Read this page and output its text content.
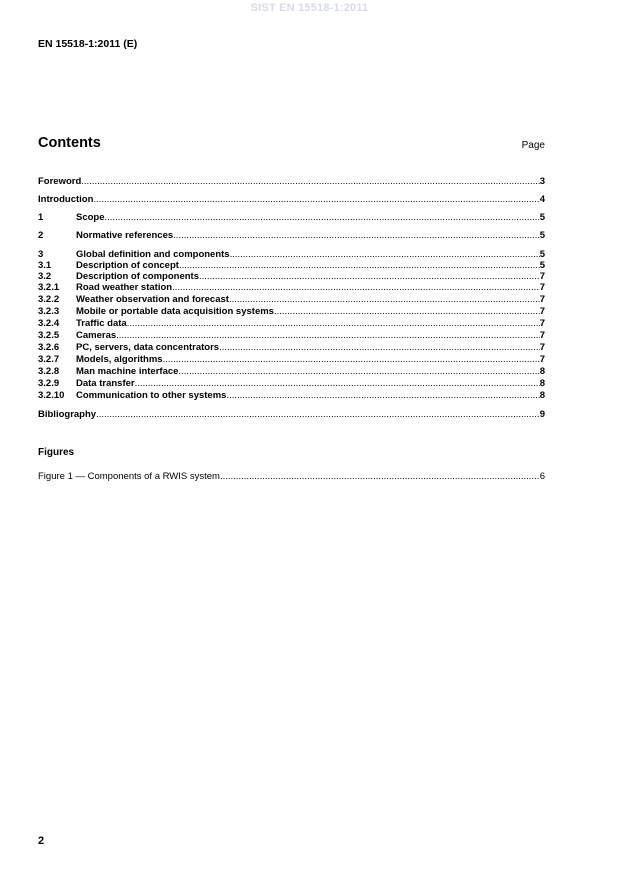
SIST EN 15518-1:2011
EN 15518-1:2011 (E)
Contents	Page
Foreword .....	3
Introduction .....	4
1	Scope .....	5
2	Normative references .....	5
3	Global definition and components .....	5
3.1	Description of concept .....	5
3.2	Description of components .....	7
3.2.1	Road weather station .....	7
3.2.2	Weather observation and forecast .....	7
3.2.3	Mobile or portable data acquisition systems .....	7
3.2.4	Traffic data .....	7
3.2.5	Cameras .....	7
3.2.6	PC, servers, data concentrators .....	7
3.2.7	Models, algorithms .....	7
3.2.8	Man machine interface .....	8
3.2.9	Data transfer .....	8
3.2.10	Communication to other systems .....	8
Bibliography .....	9
Figures
Figure 1 — Components of a RWIS system .....	6
2
